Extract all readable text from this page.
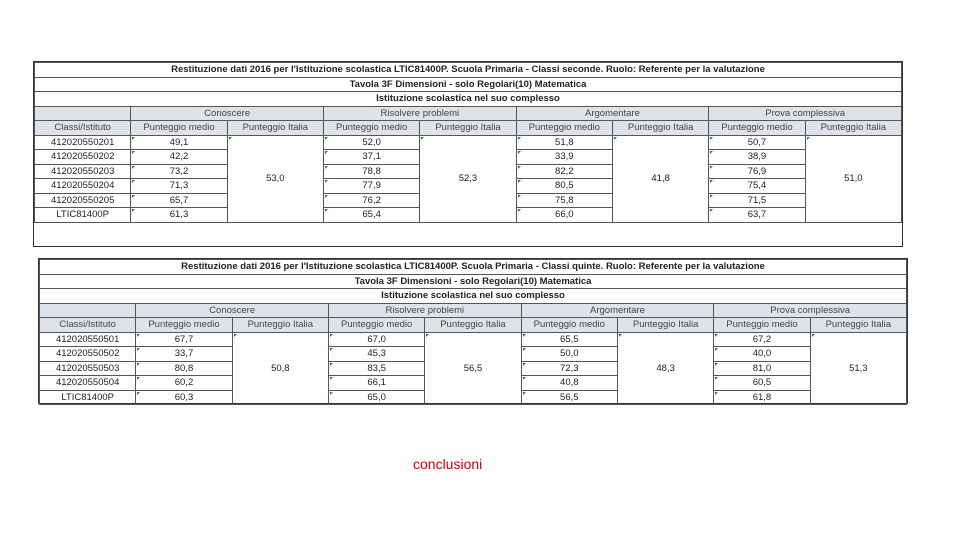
Restituzione dati 2016 per l'Istituzione scolastica LTIC81400P. Scuola Primaria - Classi seconde. Ruolo: Referente per la valutazione								
Tavola 3F Dimensioni - solo Regolari(10) Matematica								
Istituzione scolastica nel suo complesso								
	Conoscere		Risolvere problemi		Argomentare		Prova complessiva	
Classi/Istituto	Punteggio medio	Punteggio Italia	Punteggio medio	Punteggio Italia	Punteggio medio	Punteggio Italia	Punteggio medio	Punteggio Italia
412020550201	49,1	53,0	52,0	52,3	51,8	41,8	50,7	51,0
412020550202	42,2		37,1		33,9		38,9	
412020550203	73,2		78,8		82,2		76,9	
412020550204	71,3		77,9		80,5		75,4	
412020550205	65,7		76,2		75,8		71,5	
LTIC81400P	61,3		65,4		66,0		63,7	
Restituzione dati 2016 per l'Istituzione scolastica LTIC81400P. Scuola Primaria - Classi quinte. Ruolo: Referente per la valutazione								
Tavola 3F Dimensioni - solo Regolari(10) Matematica								
Istituzione scolastica nel suo complesso								
	Conoscere		Risolvere problemi		Argomentare		Prova complessiva	
Classi/Istituto	Punteggio medio	Punteggio Italia	Punteggio medio	Punteggio Italia	Punteggio medio	Punteggio Italia	Punteggio medio	Punteggio Italia
412020550501	67,7	50,8	67,0	56,5	65,5	48,3	67,2	51,3
412020550502	33,7		45,3		50,0		40,0	
412020550503	80,8		83,5		72,3		81,0	
412020550504	60,2		66,1		40,8		60,5	
LTIC81400P	60,3		65,0		56,5		61,8	
conclusioni
